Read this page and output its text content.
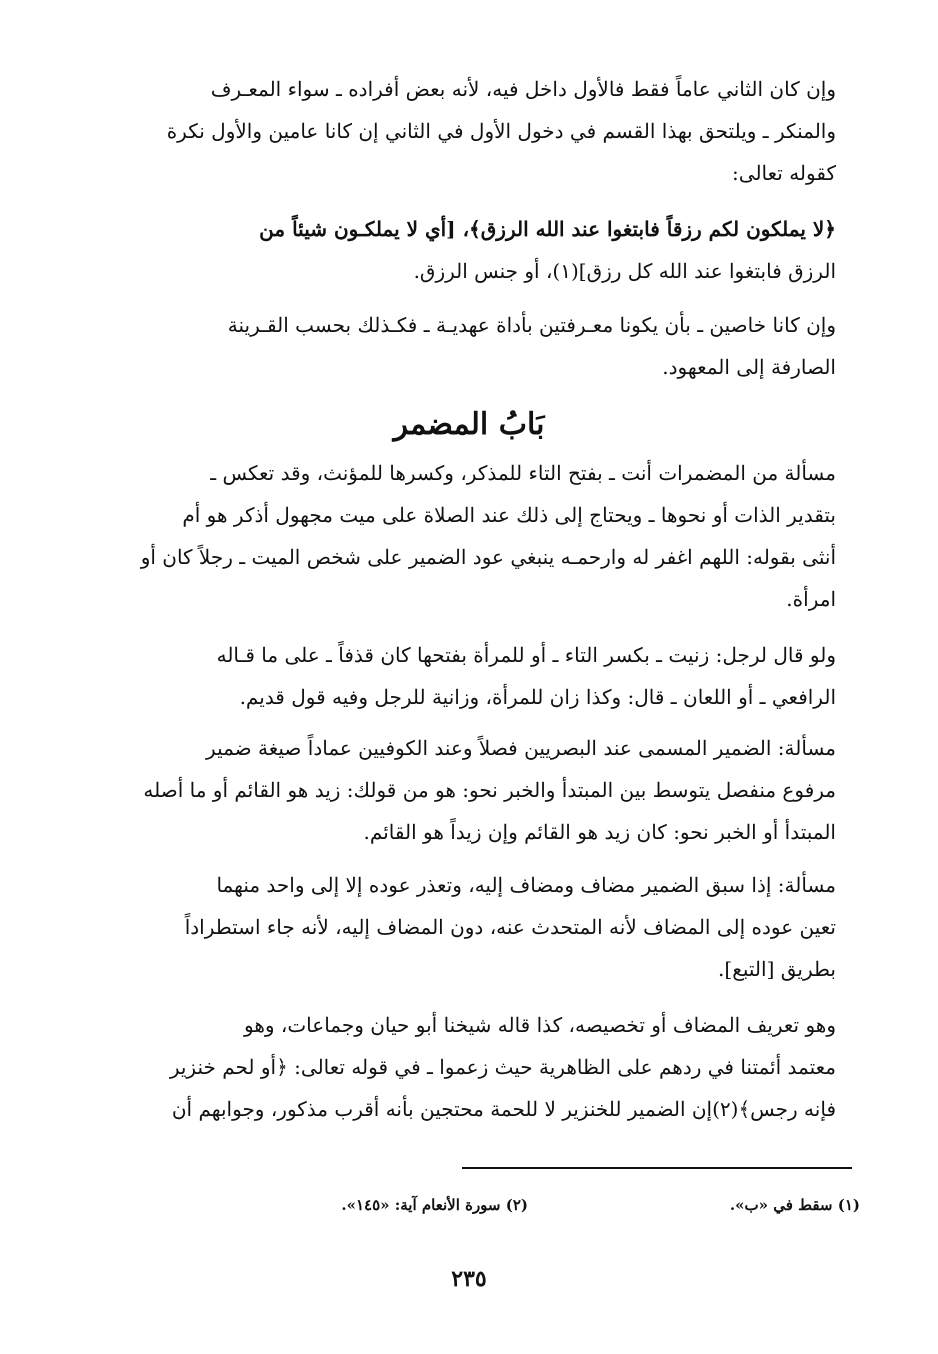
وإن كان الثاني عاماً فقط فالأول داخل فيه، لأنه بعض أفراده ـ سواء المعـرف
والمنكر ـ ويلتحق بهذا القسم في دخول الأول في الثاني إن كانا عامين والأول نكرة
كقوله تعالى:
﴿لا يملكون لكم رزقاً فابتغوا عند الله الرزق﴾، [أي لا يملكـون شيئاً من
الرزق فابتغوا عند الله كل رزق](١)، أو جنس الرزق.
وإن كانا خاصين ـ بأن يكونا معـرفتين بأداة عهديـة ـ فكـذلك بحسب القـرينة
الصارفة إلى المعهود.
بَابُ المضمر
مسألة من المضمرات أنت ـ بفتح التاء للمذكر، وكسرها للمؤنث، وقد تعكس ـ
بتقدير الذات أو نحوها ـ ويحتاج إلى ذلك عند الصلاة على ميت مجهول أذكر هو أم
أنثى بقوله: اللهم اغفر له وارحمـه ينبغي عود الضمير على شخص الميت ـ رجلاً كان أو
امرأة.
ولو قال لرجل: زنيت ـ بكسر التاء ـ أو للمرأة بفتحها كان قذفاً ـ على ما قـاله
الرافعي ـ أو اللعان ـ قال: وكذا زان للمرأة، وزانية للرجل وفيه قول قديم.
مسألة: الضمير المسمى عند البصريين فصلاً وعند الكوفيين عماداً صيغة ضمير
مرفوع منفصل يتوسط بين المبتدأ والخبر نحو: هو من قولك: زيد هو القائم أو ما أصله
المبتدأ أو الخبر نحو: كان زيد هو القائم وإن زيداً هو القائم.
مسألة: إذا سبق الضمير مضاف ومضاف إليه، وتعذر عوده إلا إلى واحد منهما
تعين عوده إلى المضاف لأنه المتحدث عنه، دون المضاف إليه، لأنه جاء استطراداً
بطريق [التبع].
وهو تعريف المضاف أو تخصيصه، كذا قاله شيخنا أبو حيان وجماعات، وهو
معتمد أئمتنا في ردهم على الظاهرية حيث زعموا ـ في قوله تعالى: ﴿أو لحم خنزير
فإنه رجس﴾(٢)إن الضمير للخنزير لا للحمة محتجين بأنه أقرب مذكور، وجوابهم أن
(١) سقط في «ب».
(٢) سورة الأنعام آية: «١٤٥».
٢٣٥
